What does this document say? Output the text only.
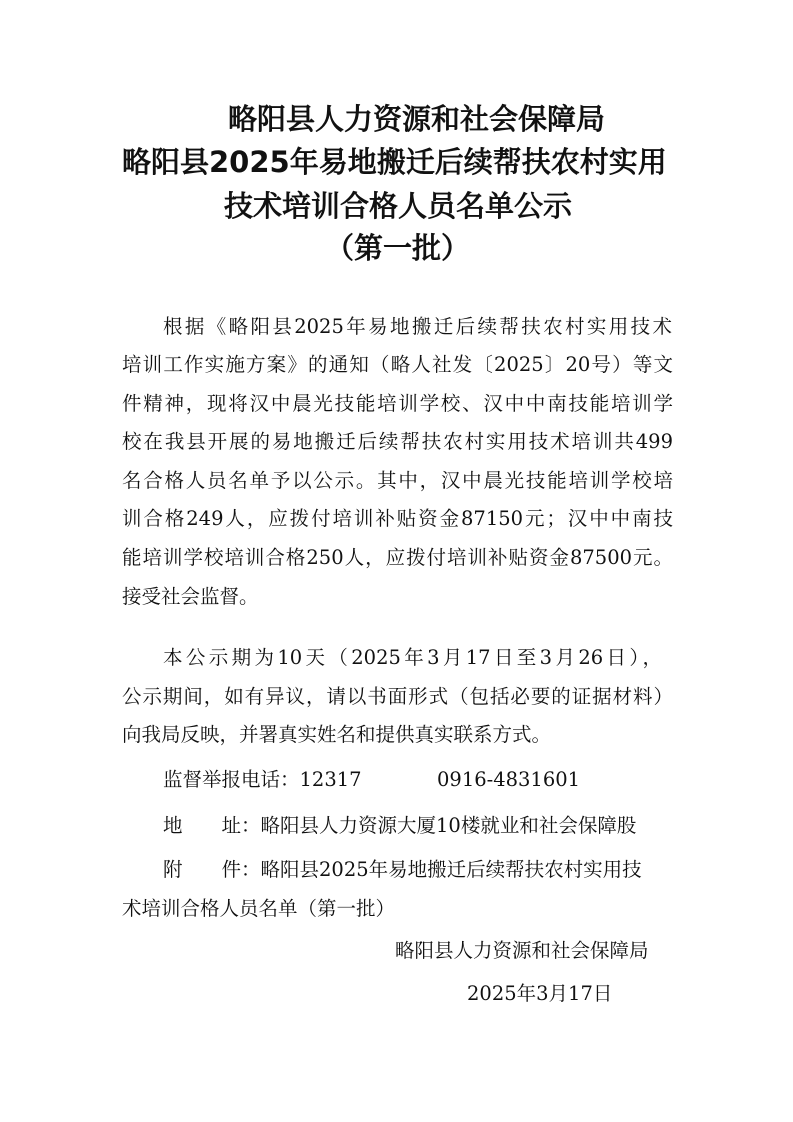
略阳县人力资源和社会保障局
略阳县2025年易地搬迁后续帮扶农村实用
技术培训合格人员名单公示
（第一批）
根据《略阳县2025年易地搬迁后续帮扶农村实用技术
培训工作实施方案》的通知（略人社发〔2025〕20号）等文
件精神，现将汉中晨光技能培训学校、汉中中南技能培训学
校在我县开展的易地搬迁后续帮扶农村实用技术培训共499
名合格人员名单予以公示。其中，汉中晨光技能培训学校培
训合格249人，应拨付培训补贴资金87150元；汉中中南技
能培训学校培训合格250人，应拨付培训补贴资金87500元。
接受社会监督。
本公示期为10天（2025年3月17日至3月26日），
公示期间，如有异议，请以书面形式（包括必要的证据材料）
向我局反映，并署真实姓名和提供真实联系方式。
监督举报电话：12317	0916-4831601
地　　址：略阳县人力资源大厦10楼就业和社会保障股
附　　件：略阳县2025年易地搬迁后续帮扶农村实用技
术培训合格人员名单（第一批）
略阳县人力资源和社会保障局
2025年3月17日
